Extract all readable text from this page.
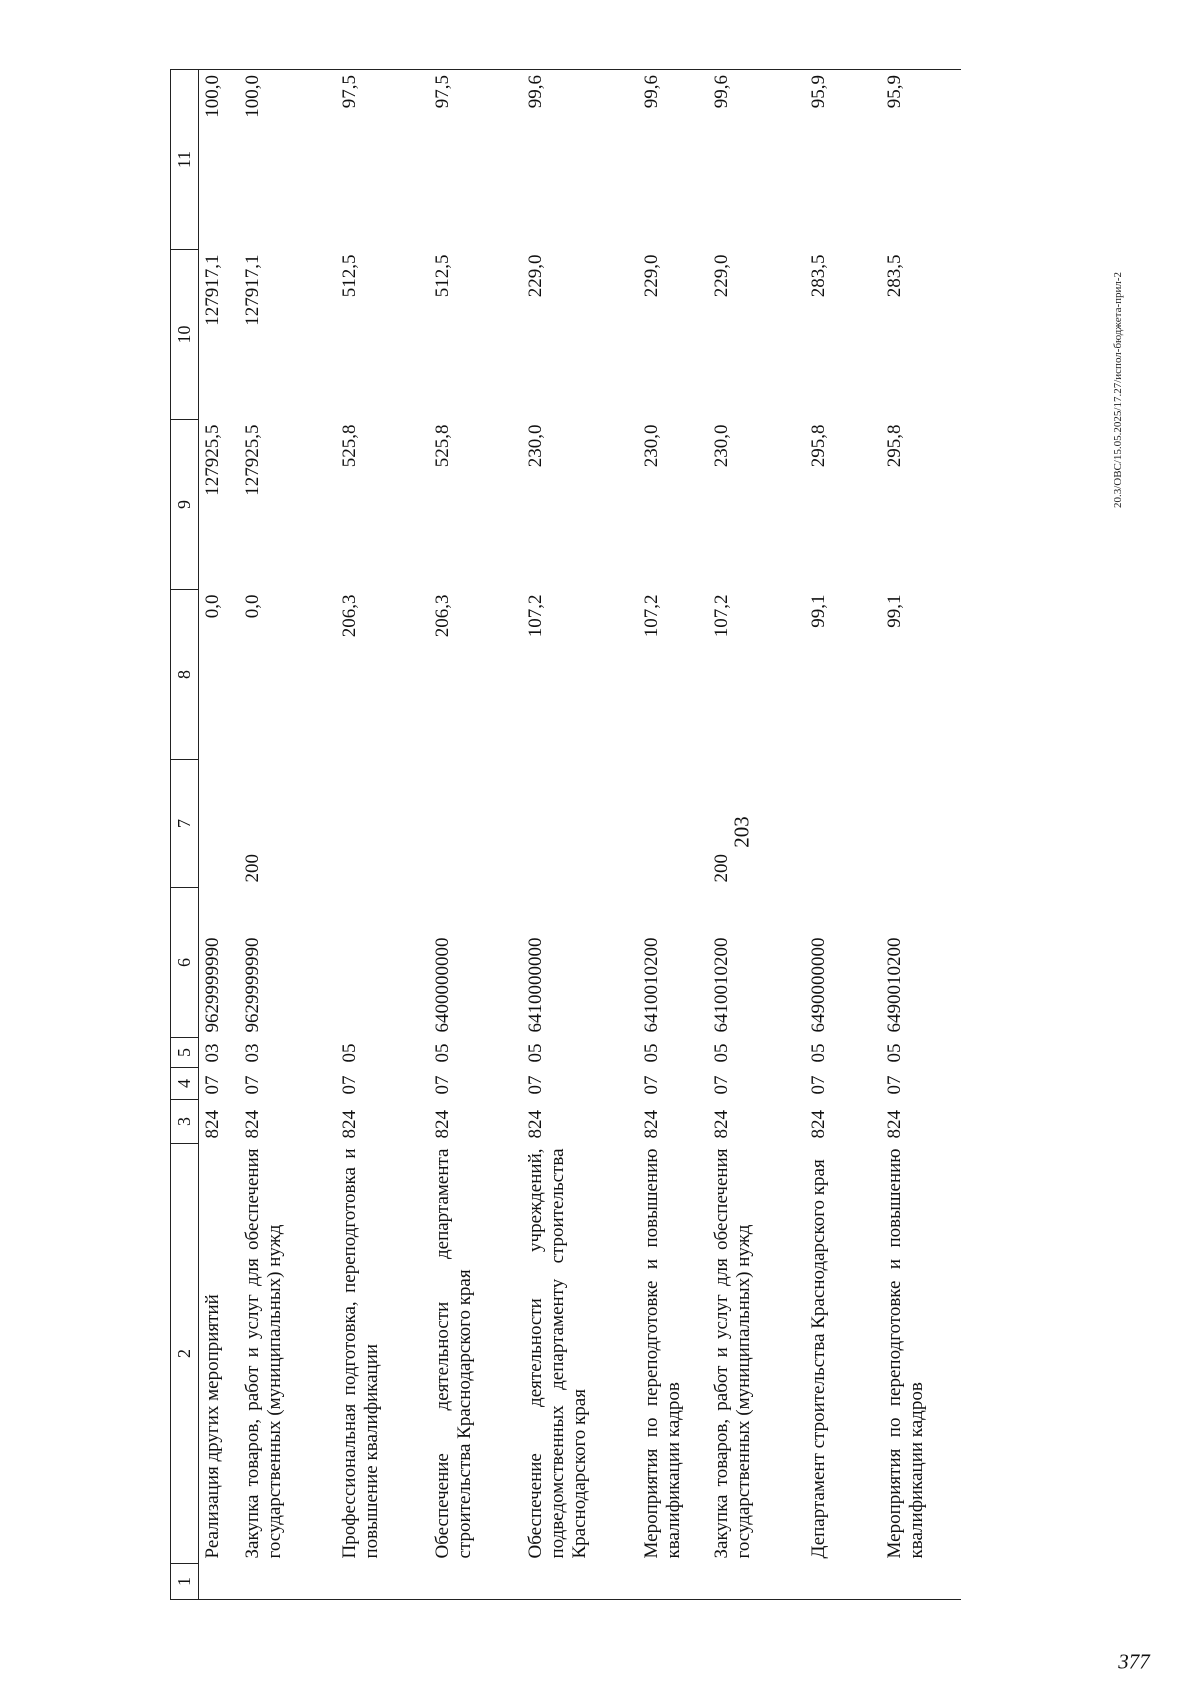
203
20.3/ОВС/15.05.2025/17.27/испол-бюджета-прил-2
377
1	2	3	4	5	6	7	8	9	10	11
	Реализация других мероприятий	824	07	03	9629999990		0,0	127925,5	127917,1	100,0
	Закупка товаров, работ и услуг для обеспечения государственных (муниципальных) нужд	824	07	03	9629999990	200	0,0	127925,5	127917,1	100,0
	Профессиональная подготовка, переподготовка и повышение квалификации	824	07	05			206,3	525,8	512,5	97,5
	Обеспечение деятельности департамента строительства Краснодарского края	824	07	05	6400000000		206,3	525,8	512,5	97,5
	Обеспечение деятельности учреждений, подведомственных департаменту строительства Краснодарского края	824	07	05	6410000000		107,2	230,0	229,0	99,6
	Мероприятия по переподготовке и повышению квалификации кадров	824	07	05	6410010200		107,2	230,0	229,0	99,6
	Закупка товаров, работ и услуг для обеспечения государственных (муниципальных) нужд	824	07	05	6410010200	200	107,2	230,0	229,0	99,6
	Департамент строительства Краснодарского края	824	07	05	6490000000		99,1	295,8	283,5	95,9
	Мероприятия по переподготовке и повышению квалификации кадров	824	07	05	6490010200		99,1	295,8	283,5	95,9
